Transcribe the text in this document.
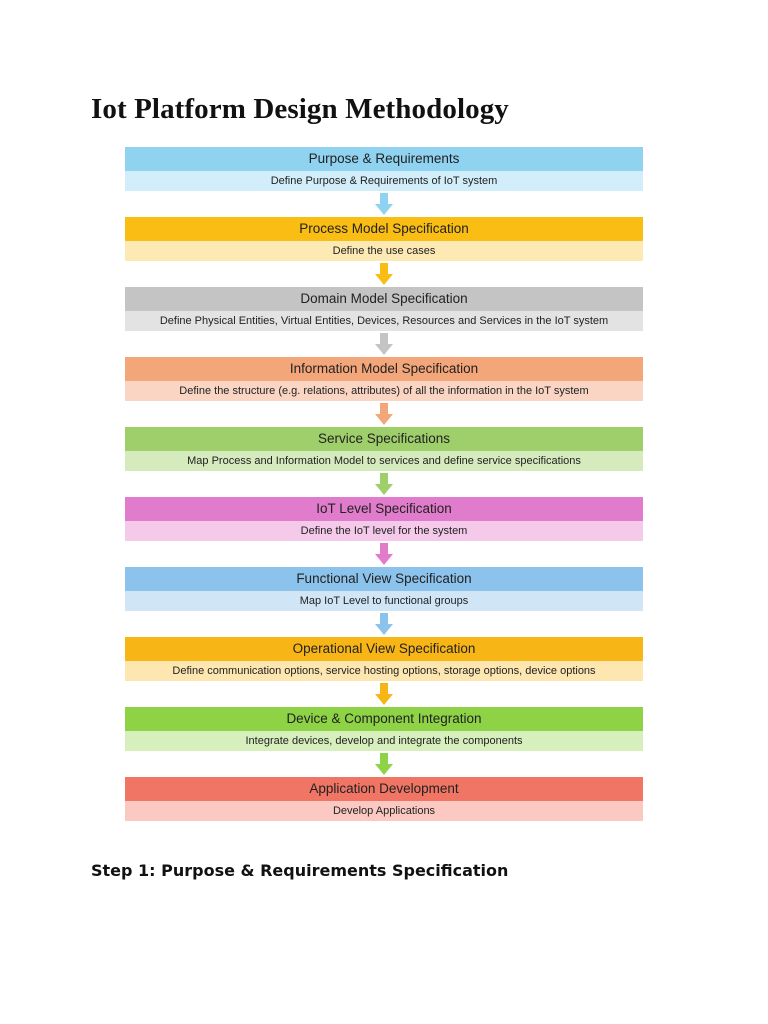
Iot Platform Design Methodology
Purpose & Requirements
Define Purpose & Requirements of IoT system
Process Model Specification
Define the use cases
Domain Model Specification
Define Physical Entities, Virtual Entities, Devices, Resources and Services in the IoT system
Information Model Specification
Define the structure (e.g. relations, attributes) of all the information in the IoT system
Service Specifications
Map Process and Information Model to services and define service specifications
IoT Level Specification
Define the IoT level for the system
Functional View Specification
Map IoT Level to functional groups
Operational View Specification
Define communication options, service hosting options, storage options, device options
Device & Component Integration
Integrate devices, develop and integrate the components
Application Development
Develop Applications
Step 1: Purpose & Requirements Specification
